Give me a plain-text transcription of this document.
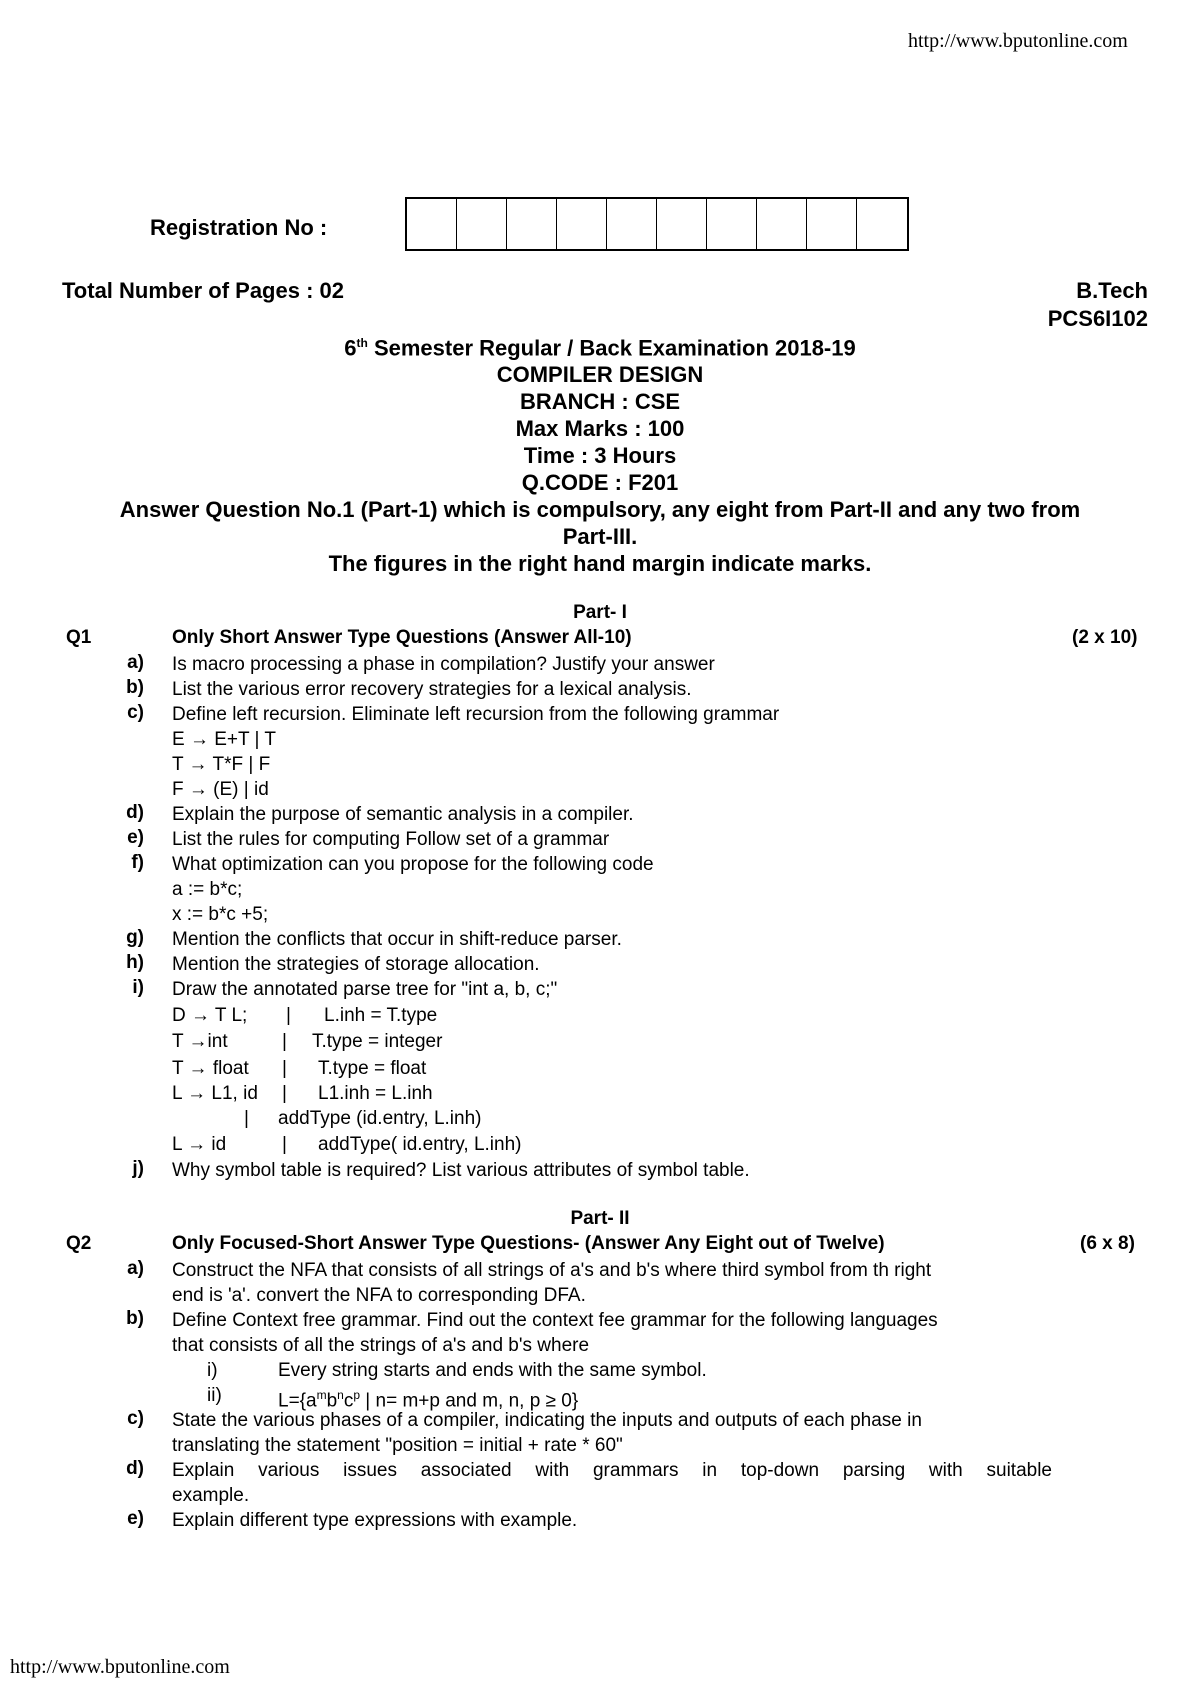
http://www.bputonline.com
Registration No :
Total Number of Pages : 02	B.Tech
PCS6I102
6th Semester Regular / Back Examination 2018-19
COMPILER DESIGN
BRANCH : CSE
Max Marks : 100
Time : 3 Hours
Q.CODE : F201
Answer Question No.1 (Part-1) which is compulsory, any eight from Part-II and any two from
Part-III.
The figures in the right hand margin indicate marks.
Part- I
Q1	Only Short Answer Type Questions (Answer All-10)	(2 x 10)
a) Is macro processing a phase in compilation? Justify your answer
b) List the various error recovery strategies for a lexical analysis.
c) Define left recursion. Eliminate left recursion from the following grammar
E → E+T | T
T → T*F | F
F → (E) | id
d) Explain the purpose of semantic analysis in a compiler.
e) List the rules for computing Follow set of a grammar
f) What optimization can you propose for the following code
a := b*c;
x := b*c +5;
g) Mention the conflicts that occur in shift-reduce parser.
h) Mention the strategies of storage allocation.
i) Draw the annotated parse tree for "int a, b, c;"
D → T L; | L.inh = T.type
T →int	| T.type = integer
T → float | T.type = float
L → L1, id | L1.inh = L.inh
| addType (id.entry, L.inh)
L → id	| addType( id.entry, L.inh)
j) Why symbol table is required? List various attributes of symbol table.
Part- II
Q2	Only Focused-Short Answer Type Questions- (Answer Any Eight out of Twelve)	(6 x 8)
a) Construct the NFA that consists of all strings of a's and b's where third symbol from th right
end is 'a'. convert the NFA to corresponding DFA.
b) Define Context free grammar. Find out the context fee grammar for the following languages
that consists of all the strings of a's and b's where
i)	Every string starts and ends with the same symbol.
ii)	$L=\{a^mb^nc^p$ | n= m+p and m, n, p ≥ 0}
c) State the various phases of a compiler, indicating the inputs and outputs of each phase in
translating the statement "position = initial + rate * 60"
d) Explain various issues associated with grammars in top-down parsing with suitable
example.
e) Explain different type expressions with example.
http://www.bputonline.com
